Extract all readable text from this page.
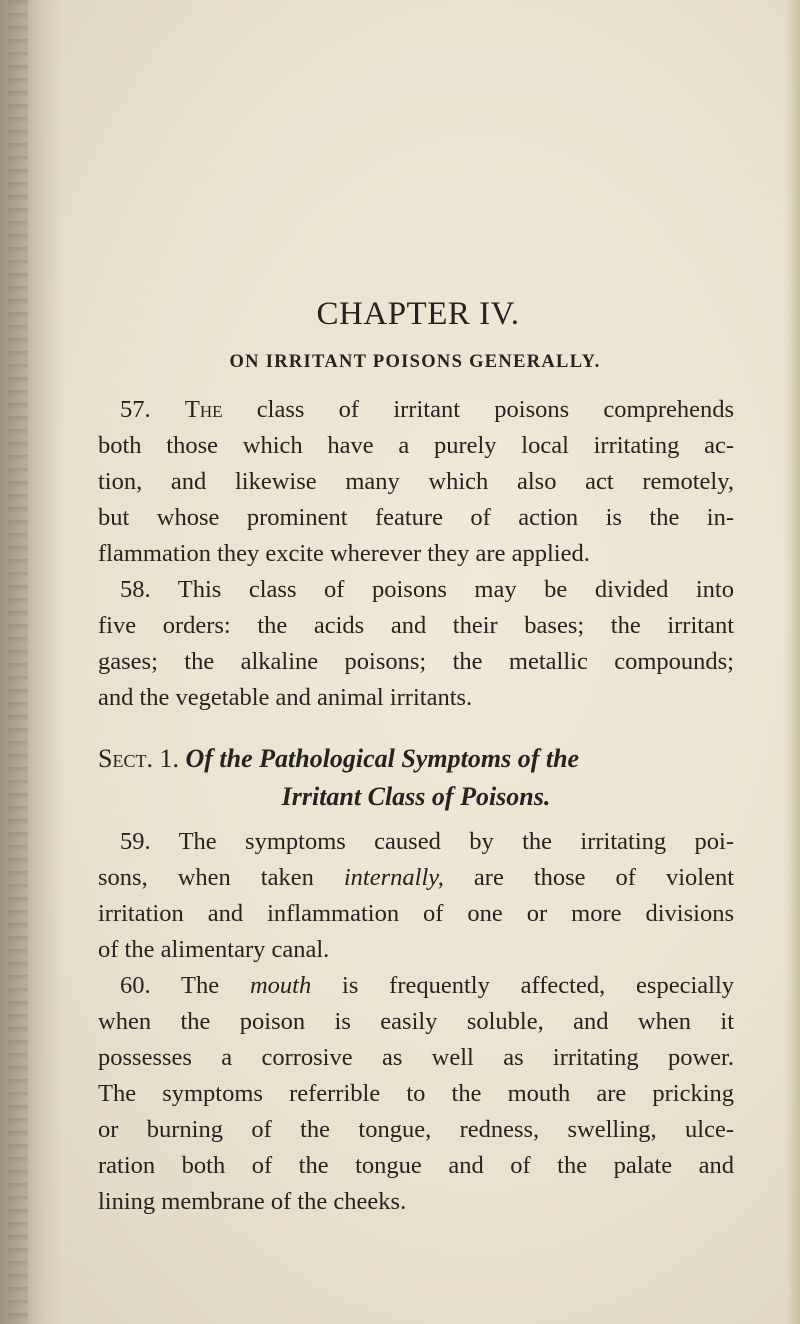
CHAPTER IV.
ON IRRITANT POISONS GENERALLY.
57. The class of irritant poisons comprehends
both those which have a purely local irritating ac-
tion, and likewise many which also act remotely,
but whose prominent feature of action is the in-
flammation they excite wherever they are applied.
58. This class of poisons may be divided into
five orders: the acids and their bases; the irritant
gases; the alkaline poisons; the metallic compounds;
and the vegetable and animal irritants.
Sect. 1. Of the Pathological Symptoms of the
Irritant Class of Poisons.
59. The symptoms caused by the irritating poi-
sons, when taken internally, are those of violent
irritation and inflammation of one or more divisions
of the alimentary canal.
60. The mouth is frequently affected, especially
when the poison is easily soluble, and when it
possesses a corrosive as well as irritating power.
The symptoms referrible to the mouth are pricking
or burning of the tongue, redness, swelling, ulce-
ration both of the tongue and of the palate and
lining membrane of the cheeks.
